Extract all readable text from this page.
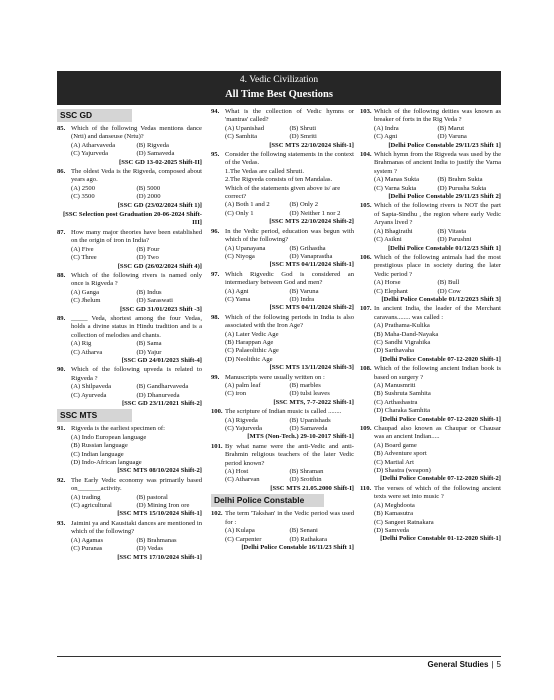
4. Vedic Civilization
All Time Best Questions
SSC GD
85. Which of the following Vedas mentions dance (Nrti) and danseuse (Nrtu)?
(A) Atharvaveda	(B) Rigveda
(C) Yajurveda	(D) Samaveda
[SSC GD 13-02-2025 Shift-II]
86. The oldest Veda is the Rigveda, composed about years ago.
(A) 2500	(B) 5000
(C) 3500	(D) 2000
[SSC GD (23/02/2024 Shift 1)]
[SSC Selection post Graduation 20-06-2024 Shift-III]
87. How many major theories have been established on the origin of iron in India?
(A) Five	(B) Four
(C) Three	(D) Two
[SSC GD (26/02/2024 Shift 4)]
88. Which of the following rivers is named only once is Rigveda ?
(A) Ganga	(B) Indus
(C) Jhelum	(D) Saraswati
[SSC GD 31/01/2023 Shift -3]
89. _____ Veda, shortest among the four Vedas, holds a divine status in Hindu tradition and is a collection of melodies and chants.
(A) Rig	(B) Sama
(C) Atharva	(D) Yajur
[SSC GD 24/01/2023 Shift-4]
90. Which of the following upveda is related to Rigveda ?
(A) Shilpaveda	(B) Gandharvaveda
(C) Ayurveda	(D) Dhanurveda
[SSC GD 23/11/2021 Shift-2]
SSC MTS
91. Rigveda is the earliest specimen of:
(A) Indo European language
(B) Russian language
(C) Indian language
(D) Indo-African language
[SSC MTS 08/10/2024 Shift-2]
92. The Early Vedic economy was primarily based on_______activity.
(A) trading	(B) pastoral
(C) agricultural	(D) Mining Iron ore
[SSC MTS 15/10/2024 Shift-1]
93. Jaimini ya and Kausitaki dances are mentioned in which of the following?
(A) Agamas	(B) Brahmanas
(C) Puranas	(D) Vedas
[SSC MTS 17/10/2024 Shift-1]
94. What is the collection of Vedic hymns or 'mantras' called?
(A) Upanishad	(B) Shruti
(C) Samhita	(D) Smriti
[SSC MTS 22/10/2024 Shift-1]
95. Consider the following statements in the context of the Vedas.
1.The Vedas are called Shruti.
2.The Rigveda consists of ten Mandalas.
Which of the statements given above is/ are correct?
(A) Both 1 and 2	(B) Only 2
(C) Only 1	(D) Neither 1 nor 2
[SSC MTS 22/10/2024 Shift-2]
96. In the Vedic period, education was begun with which of the following?
(A) Upanayana	(B) Grihastha
(C) Niyoga	(D) Vanaprastha
[SSC MTS 04/11/2024 Shift-1]
97. Which Rigvedic God is considered an intermediary between God and men?
(A) Agni	(B) Varuna
(C) Yama	(D) Indra
[SSC MTS 04/11/2024 Shift-2]
98. Which of the following periods in India is also associated with the Iron Age?
(A) Later Vedic Age
(B) Harappan Age
(C) Palaeolithic Age
(D) Neolithic Age
[SSC MTS 13/11/2024 Shift-3]
99. Manuscripts were usually written on :
(A) palm leaf	(B) marbles
(C) iron	(D) tulsi leaves
[SSC MTS, 7-7-2022 Shift-1]
100. The scripture of Indian music is called ........
(A) Rigveda	(B) Upanishads
(C) Yajurveda	(D) Samaveda
[MTS (Non-Tech.) 29-10-2017 Shift-1]
101. By what name were the anti-Vedic and anti-Brahmin religious teachers of the later Vedic period known?
(A) Host	(B) Shraman
(C) Atharvan	(D) Srotthin
[SSC MTS 21.05.2000 Shift-I]
Delhi Police Constable
102. The term 'Takshan' in the Vedic period was used for :
(A) Kulapa	(B) Senani
(C) Carpenter	(D) Rathakara
[Delhi Police Constable 16/11/23 Shift 1]
103. Which of the following deities was known as breaker of forts in the Rig Veda ?
(A) Indra	(B) Marut
(C) Agni	(D) Varuna
[Delhi Police Constable 29/11/23 Shift 1]
104. Which hymn from the Rigveda was used by the Brahmanas of ancient India to justify the Varna system ?
(A) Manas Sukta	(B) Brahm Sukta
(C) Varna Sukta	(D) Purusha Sukta
[Delhi Police Constable 29/11/23 Shift 2]
105. Which of the following rivers is NOT the part of Sapta-Sindhu , the region where early Vedic Aryans lived ?
(A) Bhagirathi	(B) Vitasta
(C) Asikni	(D) Parushni
[Delhi Police Constable 01/12/23 Shift 1]
106. Which of the following animals had the most prestigious place in society during the later Vedic period ?
(A) Horse	(B) Bull
(C) Elephant	(D) Cow
[Delhi Police Constable 01/12/2023 Shift 3]
107. In ancient India, the leader of the Merchant caravans........ was called :
(A) Prathama-Kulika
(B) Maha-Dand-Nayaka
(C) Sandhi Vigrahika
(D) Sarthavaha
[Delhi Police Constable 07-12-2020 Shift-1]
108. Which of the following ancient Indian book is based on surgery ?
(A) Manusmriti
(B) Sushruta Samhita
(C) Arthashastra
(D) Charaka Samhita
[Delhi Police Constable 07-12-2020 Shift-1]
109. Chaupad also known as Chaupar or Chausar was an ancient Indian.....
(A) Board game
(B) Adventure sport
(C) Martial Art
(D) Shastra (weapon)
[Delhi Police Constable 07-12-2020 Shift-2]
110. The verses of which of the following ancient texts were set into music ?
(A) Meghdoota
(B) Kamasutra
(C) Sangeet Ratnakara
(D) Samveda
[Delhi Police Constable 01-12-2020 Shift-1]
General Studies | 5
